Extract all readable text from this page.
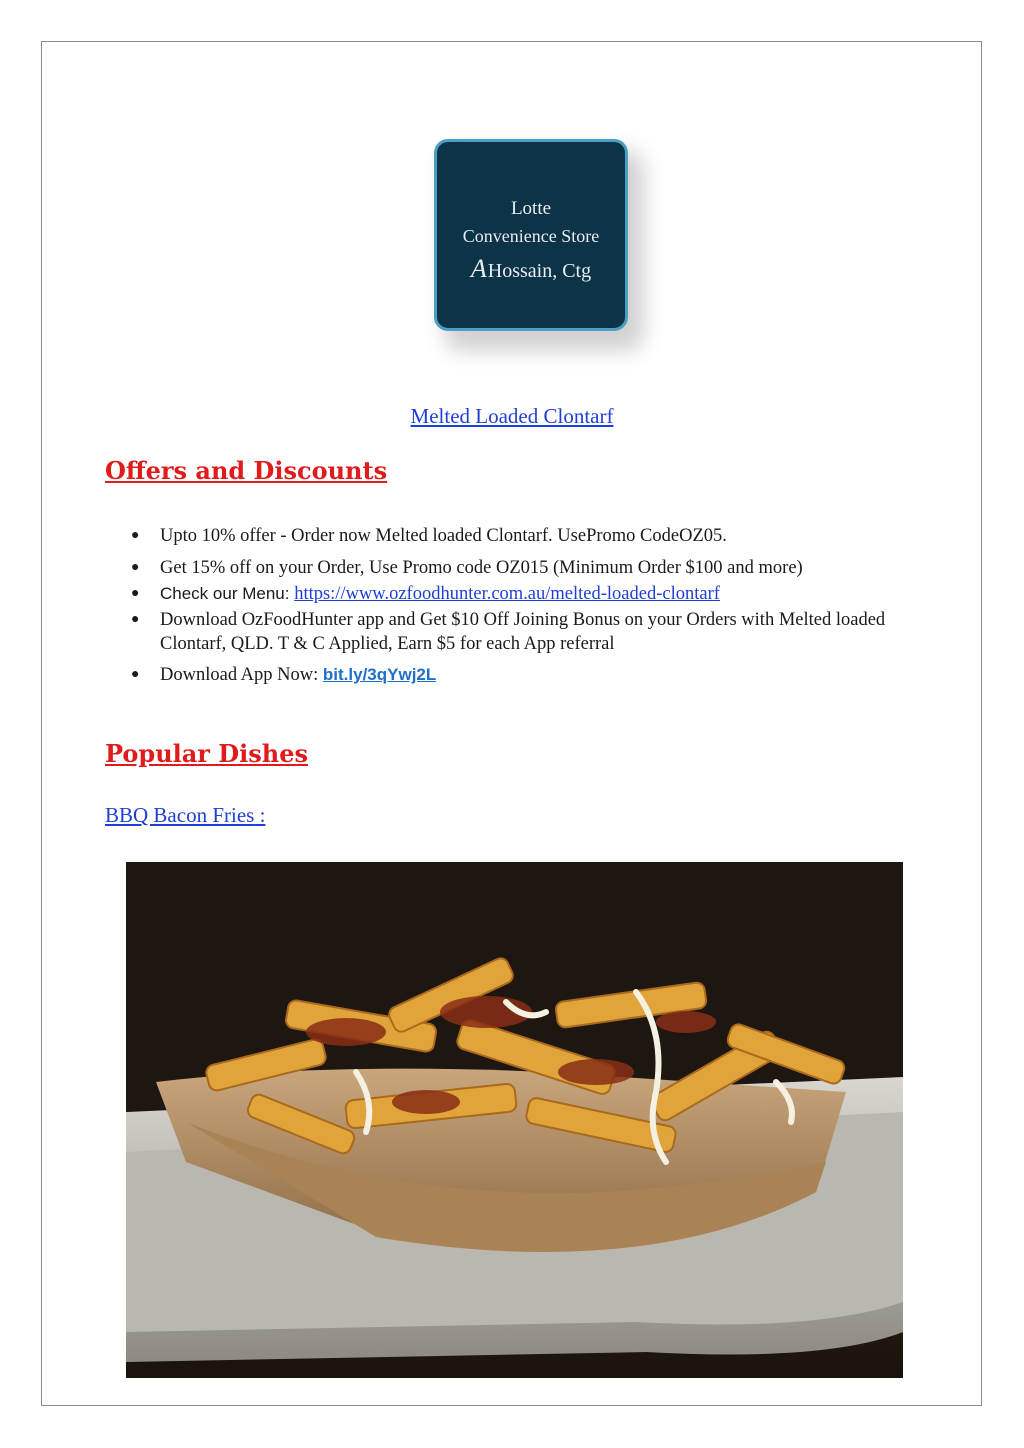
Lotte
Convenience Store
AHossain, Ctg
Melted Loaded Clontarf
Offers and Discounts
● Upto 10% offer - Order now Melted loaded Clontarf. UsePromo CodeOZ05.
● Get 15% off on your Order, Use Promo code OZ015 (Minimum Order $100 and more)
● Check our Menu: https://www.ozfoodhunter.com.au/melted-loaded-clontarf
● Download OzFoodHunter app and Get $10 Off Joining Bonus on your Orders with Melted loaded Clontarf, QLD. T & C Applied, Earn $5 for each App referral
● Download App Now: bit.ly/3qYwj2L
Popular Dishes
BBQ Bacon Fries :
